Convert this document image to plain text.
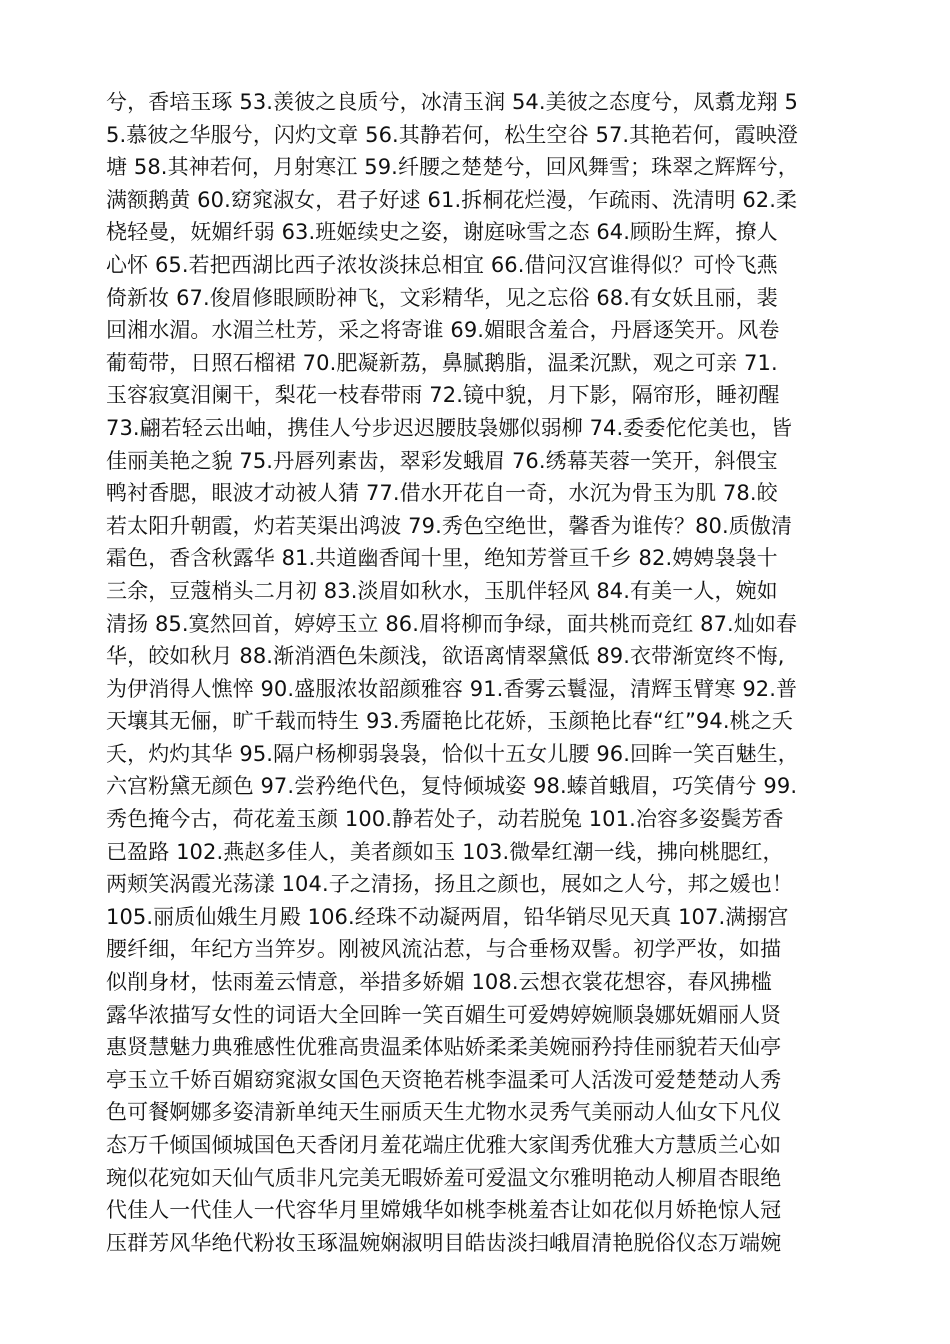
兮，香培玉琢 53.羡彼之良质兮，冰清玉润 54.美彼之态度兮，凤翥龙翔 5
5.慕彼之华服兮，闪灼文章 56.其静若何，松生空谷 57.其艳若何，霞映澄
塘 58.其神若何，月射寒江 59.纤腰之楚楚兮，回风舞雪；珠翠之辉辉兮，
满额鹅黄 60.窈窕淑女，君子好逑 61.拆桐花烂漫，乍疏雨、洗清明 62.柔
桡轻曼，妩媚纤弱 63.班姬续史之姿，谢庭咏雪之态 64.顾盼生辉，撩人
心怀 65.若把西湖比西子浓妆淡抹总相宜 66.借问汉宫谁得似？可怜飞燕
倚新妆 67.俊眉修眼顾盼神飞，文彩精华，见之忘俗 68.有女妖且丽，裴
回湘水湄。水湄兰杜芳，采之将寄谁 69.媚眼含羞合，丹唇逐笑开。风卷
葡萄带，日照石榴裙 70.肥凝新荔，鼻腻鹅脂，温柔沉默，观之可亲 71.
玉容寂寞泪阑干，梨花一枝春带雨 72.镜中貌，月下影，隔帘形，睡初醒
73.翩若轻云出岫，携佳人兮步迟迟腰肢袅娜似弱柳 74.委委佗佗美也，皆
佳丽美艳之貌 75.丹唇列素齿，翠彩发蛾眉 76.绣幕芙蓉一笑开，斜偎宝
鸭衬香腮，眼波才动被人猜 77.借水开花自一奇，水沉为骨玉为肌 78.皎
若太阳升朝霞，灼若芙渠出鸿波 79.秀色空绝世，馨香为谁传？80.质傲清
霜色，香含秋露华 81.共道幽香闻十里，绝知芳誉亘千乡 82.娉娉袅袅十
三余，豆蔻梢头二月初 83.淡眉如秋水，玉肌伴轻风 84.有美一人，婉如
清扬 85.寞然回首，婷婷玉立 86.眉将柳而争绿，面共桃而竞红 87.灿如春
华，皎如秋月 88.渐消酒色朱颜浅，欲语离情翠黛低 89.衣带渐宽终不悔,
为伊消得人憔悴 90.盛服浓妆韶颜雅容 91.香雾云鬟湿，清辉玉臂寒 92.普
天壤其无俪，旷千载而特生 93.秀靥艳比花娇，玉颜艳比春“红”94.桃之夭
夭，灼灼其华 95.隔户杨柳弱袅袅，恰似十五女儿腰 96.回眸一笑百魅生，
六宫粉黛无颜色 97.尝矜绝代色，复恃倾城姿 98.螓首蛾眉，巧笑倩兮 99.
秀色掩今古，荷花羞玉颜 100.静若处子，动若脱兔 101.冶容多姿鬓芳香
已盈路 102.燕赵多佳人，美者颜如玉 103.微晕红潮一线，拂向桃腮红，
两颊笑涡霞光荡漾 104.子之清扬，扬且之颜也，展如之人兮，邦之媛也！
105.丽质仙娥生月殿 106.经珠不动凝两眉，铅华销尽见天真 107.满搦宫
腰纤细，年纪方当笄岁。刚被风流沾惹，与合垂杨双髻。初学严妆，如描
似削身材，怯雨羞云情意，举措多娇媚 108.云想衣裳花想容，春风拂槛
露华浓描写女性的词语大全回眸一笑百媚生可爱娉婷婉顺袅娜妩媚丽人贤
惠贤慧魅力典雅感性优雅高贵温柔体贴娇柔柔美婉丽矜持佳丽貌若天仙亭
亭玉立千娇百媚窈窕淑女国色天资艳若桃李温柔可人活泼可爱楚楚动人秀
色可餐婀娜多姿清新单纯天生丽质天生尤物水灵秀气美丽动人仙女下凡仪
态万千倾国倾城国色天香闭月羞花端庄优雅大家闺秀优雅大方慧质兰心如
琬似花宛如天仙气质非凡完美无暇娇羞可爱温文尔雅明艳动人柳眉杏眼绝
代佳人一代佳人一代容华月里嫦娥华如桃李桃羞杏让如花似月娇艳惊人冠
压群芳风华绝代粉妆玉琢温婉娴淑明目皓齿淡扫峨眉清艳脱俗仪态万端婉
